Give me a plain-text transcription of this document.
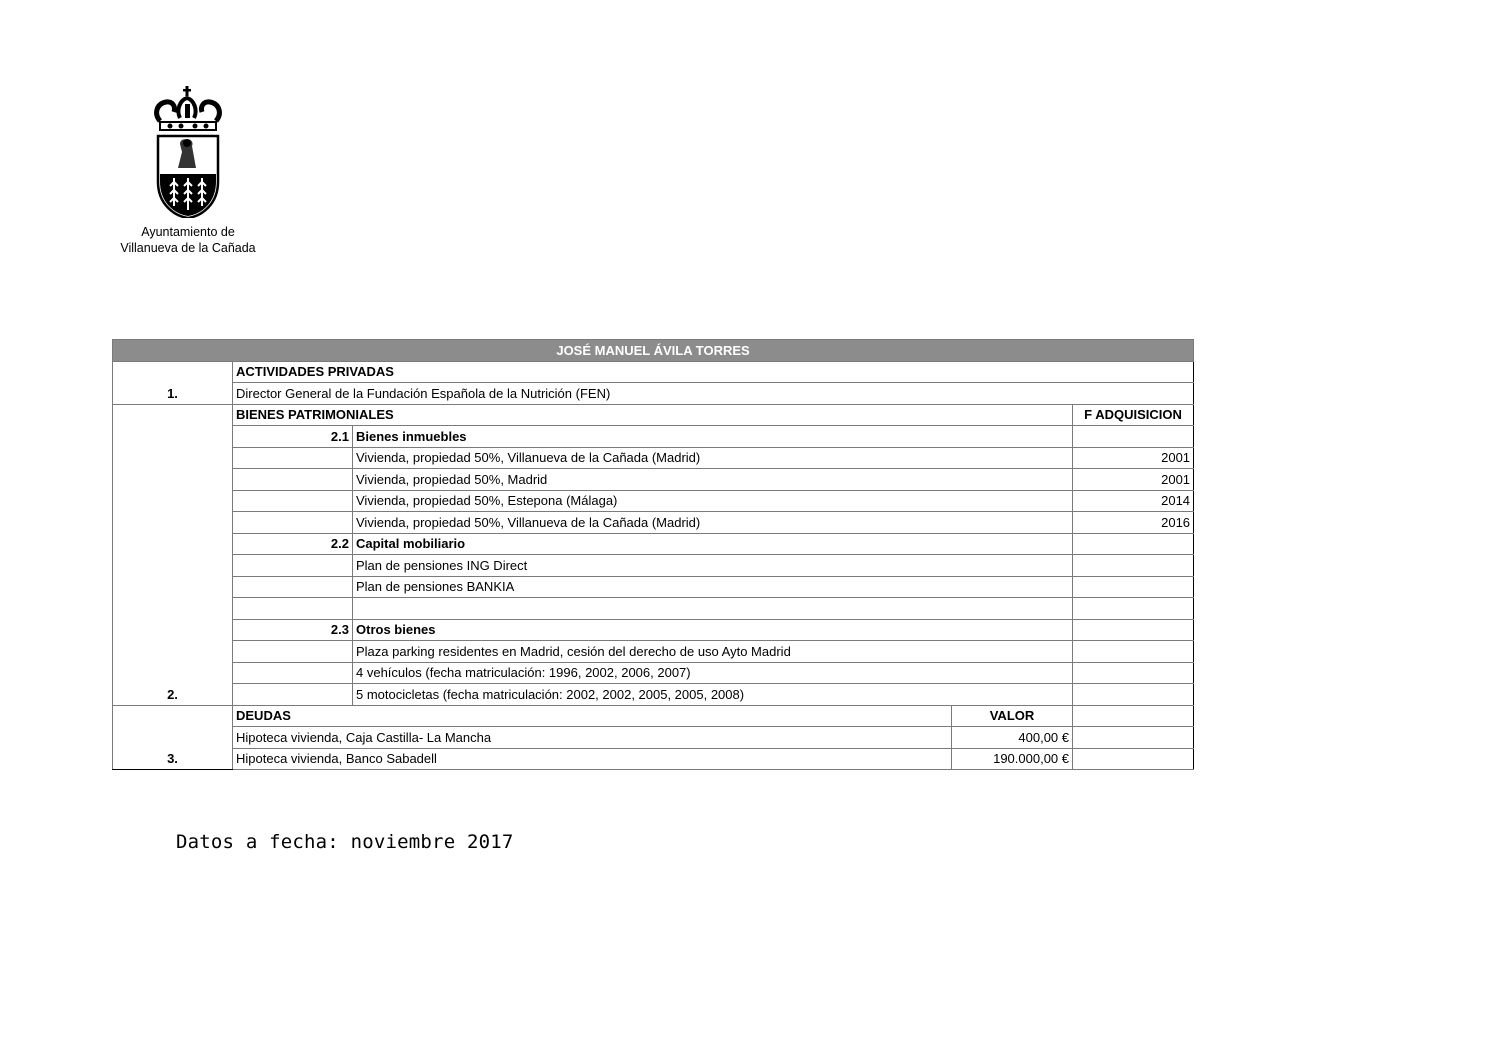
Ayuntamiento de
Villanueva de la Cañada
JOSÉ MANUEL ÁVILA TORRES				
1.	ACTIVIDADES PRIVADAS			
	Director General de la Fundación Española de la Nutrición (FEN)			
2.	BIENES PATRIMONIALES			F ADQUISICION
	2.1	Bienes inmuebles		
		Vivienda, propiedad 50%, Villanueva de la Cañada (Madrid)		2001
		Vivienda, propiedad 50%, Madrid		2001
		Vivienda, propiedad 50%, Estepona (Málaga)		2014
		Vivienda, propiedad 50%, Villanueva de la Cañada (Madrid)		2016
	2.2	Capital mobiliario		
		Plan de pensiones ING Direct		
		Plan de pensiones BANKIA		

	2.3	Otros bienes		
		Plaza parking residentes en Madrid, cesión del derecho de uso Ayto Madrid		
		4 vehículos (fecha matriculación: 1996, 2002, 2006, 2007)		
		5 motocicletas (fecha matriculación: 2002, 2002, 2005, 2005, 2008)		
3.	DEUDAS		VALOR	
	Hipoteca vivienda, Caja Castilla- La Mancha		400,00 €	
	Hipoteca vivienda, Banco Sabadell		190.000,00 €	
Datos a fecha: noviembre 2017
